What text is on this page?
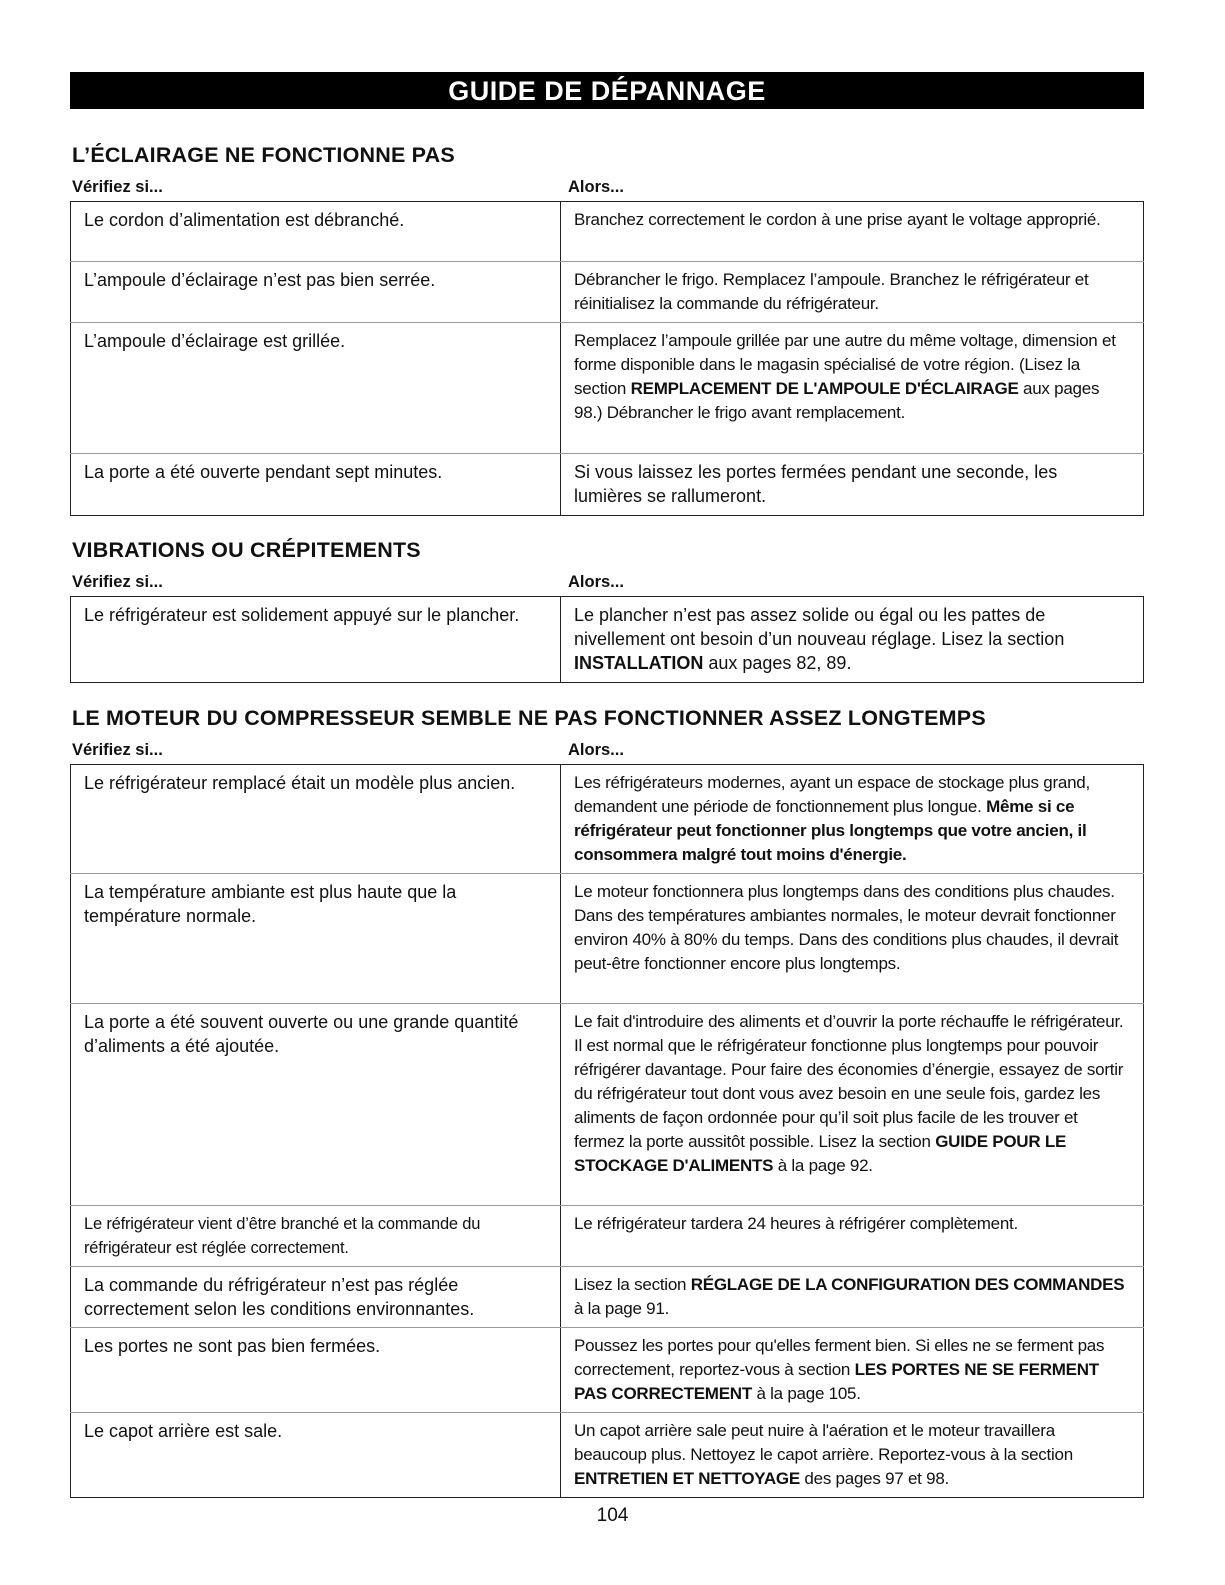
GUIDE DE DÉPANNAGE
L’ÉCLAIRAGE NE FONCTIONNE PAS
Vérifiez si...	Alors...
Le cordon d’alimentation est débranché.	Branchez correctement le cordon à une prise ayant le voltage approprié.
L’ampoule d’éclairage n’est pas bien serrée.	Débrancher le frigo. Remplacez l’ampoule. Branchez le réfrigérateur et réinitialisez la commande du réfrigérateur.
L’ampoule d’éclairage est grillée.	Remplacez l’ampoule grillée par une autre du même voltage, dimension et forme disponible dans le magasin spécialisé de votre région. (Lisez la section REMPLACEMENT DE L'AMPOULE D'ÉCLAIRAGE aux pages 98.) Débrancher le frigo avant remplacement.
La porte a été ouverte pendant sept minutes.	Si vous laissez les portes fermées pendant une seconde, les lumières se rallumeront.
VIBRATIONS OU CRÉPITEMENTS
Vérifiez si...	Alors...
Le réfrigérateur est solidement appuyé sur le plancher.	Le plancher n’est pas assez solide ou égal ou les pattes de nivellement ont besoin d’un nouveau réglage. Lisez la section INSTALLATION aux pages 82, 89.
LE MOTEUR DU COMPRESSEUR SEMBLE NE PAS FONCTIONNER ASSEZ LONGTEMPS
Vérifiez si...	Alors...
Le réfrigérateur remplacé était un modèle plus ancien.	Les réfrigérateurs modernes, ayant un espace de stockage plus grand, demandent une période de fonctionnement plus longue. Même si ce réfrigérateur peut fonctionner plus longtemps que votre ancien, il consommera malgré tout moins d'énergie.
La température ambiante est plus haute que la température normale.	Le moteur fonctionnera plus longtemps dans des conditions plus chaudes. Dans des températures ambiantes normales, le moteur devrait fonctionner environ 40% à 80% du temps. Dans des conditions plus chaudes, il devrait peut-être fonctionner encore plus longtemps.
La porte a été souvent ouverte ou une grande quantité d’aliments a été ajoutée.	Le fait d'introduire des aliments et d’ouvrir la porte réchauffe le réfrigérateur. Il est normal que le réfrigérateur fonctionne plus longtemps pour pouvoir réfrigérer davantage. Pour faire des économies d’énergie, essayez de sortir du réfrigérateur tout dont vous avez besoin en une seule fois, gardez les aliments de façon ordonnée pour qu’il soit plus facile de les trouver et fermez la porte aussitôt possible. Lisez la section GUIDE POUR LE STOCKAGE D'ALIMENTS à la page 92.
Le réfrigérateur vient d’être branché et la commande du réfrigérateur est réglée correctement.	Le réfrigérateur tardera 24 heures à réfrigérer complètement.
La commande du réfrigérateur n’est pas réglée correctement selon les conditions environnantes.	Lisez la section RÉGLAGE DE LA CONFIGURATION DES COMMANDES à la page 91.
Les portes ne sont pas bien fermées.	Poussez les portes pour qu'elles ferment bien. Si elles ne se ferment pas correctement, reportez-vous à section LES PORTES NE SE FERMENT PAS CORRECTEMENT à la page 105.
Le capot arrière est sale.	Un capot arrière sale peut nuire à l'aération et le moteur travaillera beaucoup plus. Nettoyez le capot arrière. Reportez-vous à la section ENTRETIEN ET NETTOYAGE des pages 97 et 98.
104
